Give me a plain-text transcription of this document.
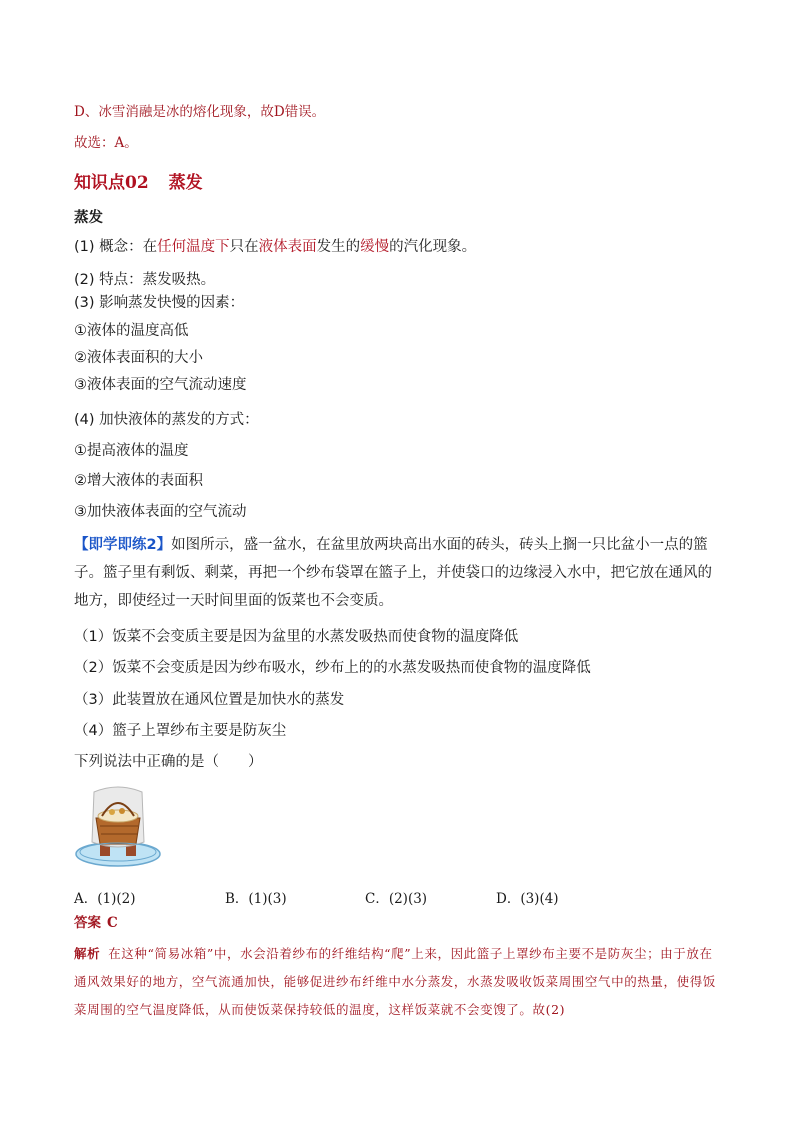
D、冰雪消融是冰的熔化现象，故D错误。
故选：A。
知识点02 蒸发
蒸发
(1) 概念：在任何温度下只在液体表面发生的缓慢的汽化现象。
(2) 特点：蒸发吸热。
(3) 影响蒸发快慢的因素：
①液体的温度高低
②液体表面积的大小
③液体表面的空气流动速度
(4) 加快液体的蒸发的方式：
①提高液体的温度
②增大液体的表面积
③加快液体表面的空气流动
【即学即练2】如图所示，盛一盆水，在盆里放两块高出水面的砖头，砖头上搁一只比盆小一点的篮子。篮子里有剩饭、剩菜，再把一个纱布袋罩在篮子上，并使袋口的边缘浸入水中，把它放在通风的地方，即使经过一天时间里面的饭菜也不会变质。
（1）饭菜不会变质主要是因为盆里的水蒸发吸热而使食物的温度降低
（2）饭菜不会变质是因为纱布吸水，纱布上的的水蒸发吸热而使食物的温度降低
（3）此装置放在通风位置是加快水的蒸发
（4）篮子上罩纱布主要是防灰尘
下列说法中正确的是（　　）
A．(1)(2)	B．(1)(3)	C．(2)(3)	D．(3)(4)
答案 C
解析 在这种“简易冰箱”中，水会沿着纱布的纤维结构“爬”上来，因此篮子上罩纱布主要不是防灰尘；由于放在通风效果好的地方，空气流通加快，能够促进纱布纤维中水分蒸发，水蒸发吸收饭菜周围空气中的热量，使得饭菜周围的空气温度降低，从而使饭菜保持较低的温度，这样饭菜就不会变馊了。故(2)
